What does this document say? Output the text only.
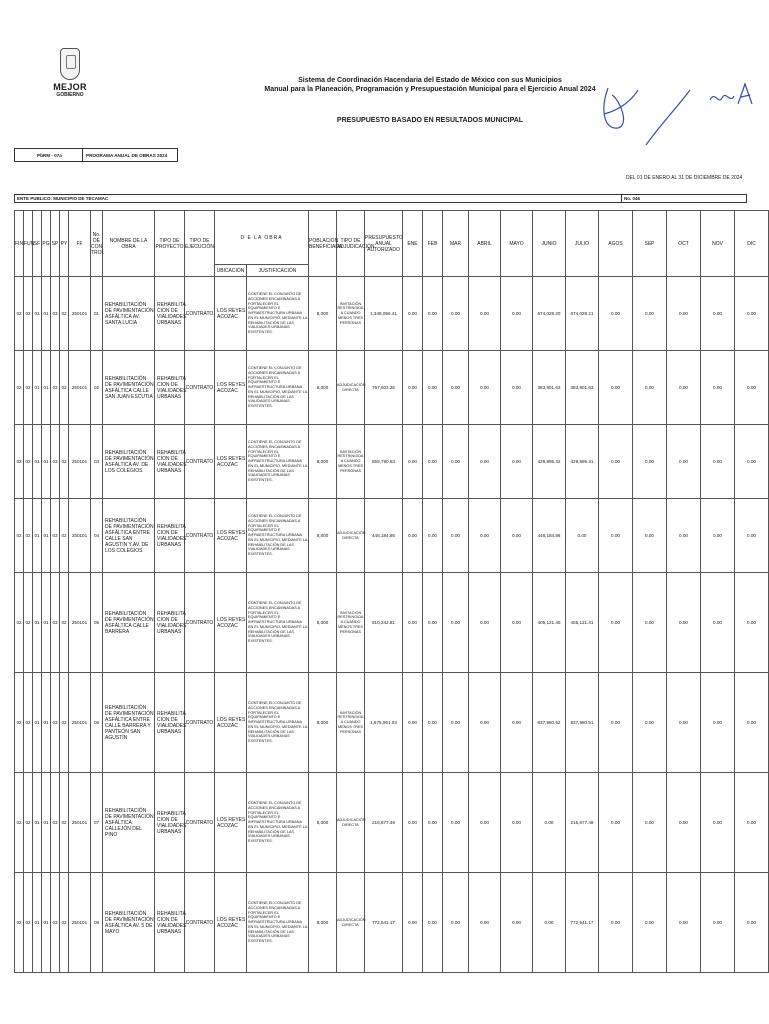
MEJOR
GOBIERNO
Sistema de Coordinación Hacendaria del Estado de México con sus Municipios
Manual para la Planeación, Programación y Presupuestación Municipal para el Ejercicio Anual 2024
PRESUPUESTO BASADO EN RESULTADOS MUNICIPAL
PbRM - 07a	PROGRAMA ANUAL DE OBRAS 2024
DEL 01 DE ENERO AL 31 DE DICIEMBRE DE 2024
ENTE PUBLICO: MUNICIPIO DE TECAMAC	No. 046
FIN	FUN	SF	PG	SP	PY	FF	No. DE CON TROL	NOMBRE DE LA OBRA	TIPO DE PROYECTO	TIPO DE EJECUCIÓN	D E LA OBRA		POBLACION BENEFICIADA	TIPO DE ADJUDICACIÓN	PRESUPUESTO ANUAL AUTORIZADO	ENE	FEB	MAR	ABRIL	MAYO	JUNIO	JULIO	AGOS	SEP	OCT	NOV	DIC
											UBICACIÓN	JUSTIFICACIÓN															
02	02	01	01	03	02	250101	01	REHABILITACIÓN DE PAVIMENTACIÓN ASFÁLTICA AV. SANTA LUCIA	REHABILITA CION DE VIALIDADES URBANAS	CONTRATO	LOS REYES ACOZAC	CONTIENE EL CONJUNTO DE ACCIONES ENCAMINADAS A FORTALECER EL EQUIPAMIENTO E INFRAESTRUCTURA URBANA EN EL MUNICIPIO, MEDIANTE LA REHABILITACIÓN DE LAS VIALIDADES URBANAS EXISTENTES.	8,000	INVITACIÓN RESTRINGIDA A CUANDO MENOS TRES PERSONAS	1,348,056.41	0.00	0.00	0.00	0.00	0.00	674,028.20	674,028.21	0.00	0.00	0.00	0.00	0.00
02	02	01	01	03	02	250101	02	REHABILITACIÓN DE PAVIMENTACIÓN ASFÁLTICA CALLE SAN JUAN ESCUTIA	REHABILITA CION DE VIALIDADES URBANAS	CONTRATO	LOS REYES ACOZAC	CONTIENE EL CONJUNTO DE ACCIONES ENCAMINADAS A FORTALECER EL EQUIPAMIENTO E INFRAESTRUCTURA URBANA EN EL MUNICIPIO, MEDIANTE LA REHABILITACIÓN DE LAS VIALIDADES URBANAS EXISTENTES.	8,000	ADJUDICACIÓN DIRECTA	767,603.26	0.00	0.00	0.00	0.00	0.00	383,801.63	383,801.63	0.00	0.00	0.00	0.00	0.00
02	02	01	01	03	02	250101	03	REHABILITACIÓN DE PAVIMENTACIÓN ASFÁLTICA AV. DE LOS COLEGIOS	REHABILITA CION DE VIALIDADES URBANAS	CONTRATO	LOS REYES ACOZAC	CONTIENE EL CONJUNTO DE ACCIONES ENCAMINADAS A FORTALECER EL EQUIPAMIENTO E INFRAESTRUCTURA URBANA EN EL MUNICIPIO, MEDIANTE LA REHABILITACIÓN DE LAS VIALIDADES URBANAS EXISTENTES.	8,000	INVITACIÓN RESTRINGIDA A CUANDO MENOS TRES PERSONAS	859,790.63	0.00	0.00	0.00	0.00	0.00	429,895.32	429,895.31	0.00	0.00	0.00	0.00	0.00
02	02	01	01	03	02	250101	04	REHABILITACIÓN DE PAVIMENTACIÓN ASFÁLTICA ENTRE CALLE SAN AGUSTÍN Y AV. DE LOS COLEGIOS	REHABILITA CION DE VIALIDADES URBANAS	CONTRATO	LOS REYES ACOZAC	CONTIENE EL CONJUNTO DE ACCIONES ENCAMINADAS A FORTALECER EL EQUIPAMIENTO E INFRAESTRUCTURA URBANA EN EL MUNICIPIO, MEDIANTE LA REHABILITACIÓN DE LAS VIALIDADES URBANAS EXISTENTES.	8,000	ADJUDICACIÓN DIRECTA	448,184.86	0.00	0.00	0.00	0.00	0.00	448,184.86	0.00	0.00	0.00	0.00	0.00	0.00
02	02	01	01	03	02	250101	05	REHABILITACIÓN DE PAVIMENTACIÓN ASFÁLTICA CALLE BARRERA	REHABILITA CION DE VIALIDADES URBANAS	CONTRATO	LOS REYES ACOZAC	CONTIENE EL CONJUNTO DE ACCIONES ENCAMINADAS A FORTALECER EL EQUIPAMIENTO E INFRAESTRUCTURA URBANA EN EL MUNICIPIO, MEDIANTE LA REHABILITACIÓN DE LAS VIALIDADES URBANAS EXISTENTES.	8,000	INVITACIÓN RESTRINGIDA A CUANDO MENOS TRES PERSONAS	810,242.81	0.00	0.00	0.00	0.00	0.00	405,121.40	405,121.41	0.00	0.00	0.00	0.00	0.00
02	02	01	01	03	02	250101	06	REHABILITACIÓN DE PAVIMENTACIÓN ASFÁLTICA ENTRE CALLE BARRERA Y PANTEÓN SAN AGUSTÍN	REHABILITA CION DE VIALIDADES URBANAS	CONTRATO	LOS REYES ACOZAC	CONTIENE EL CONJUNTO DE ACCIONES ENCAMINADAS A FORTALECER EL EQUIPAMIENTO E INFRAESTRUCTURA URBANA EN EL MUNICIPIO, MEDIANTE LA REHABILITACIÓN DE LAS VIALIDADES URBANAS EXISTENTES.	8,000	INVITACIÓN RESTRINGIDA A CUANDO MENOS TRES PERSONAS	1,675,961.03	0.00	0.00	0.00	0.00	0.00	837,980.52	837,980.51	0.00	0.00	0.00	0.00	0.00
02	02	01	01	03	02	250101	07	REHABILITACIÓN DE PAVIMENTACIÓN ASFÁLTICA CALLEJÓN DEL PINO	REHABILITA CION DE VIALIDADES URBANAS	CONTRATO	LOS REYES ACOZAC	CONTIENE EL CONJUNTO DE ACCIONES ENCAMINADAS A FORTALECER EL EQUIPAMIENTO E INFRAESTRUCTURA URBANA EN EL MUNICIPIO, MEDIANTE LA REHABILITACIÓN DE LAS VIALIDADES URBANAS EXISTENTES.	8,000	ADJUDICACIÓN DIRECTA	216,677.49	0.00	0.00	0.00	0.00	0.00	0.00	216,677.49	0.00	0.00	0.00	0.00	0.00
02	02	01	01	03	02	250101	08	REHABILITACIÓN DE PAVIMENTACIÓN ASFÁLTICA AV. 5 DE MAYO	REHABILITA CION DE VIALIDADES URBANAS	CONTRATO	LOS REYES ACOZAC	CONTIENE EL CONJUNTO DE ACCIONES ENCAMINADAS A FORTALECER EL EQUIPAMIENTO E INFRAESTRUCTURA URBANA EN EL MUNICIPIO, MEDIANTE LA REHABILITACIÓN DE LAS VIALIDADES URBANAS EXISTENTES.	8,000	ADJUDICACIÓN DIRECTA	772,541.17	0.00	0.00	0.00	0.00	0.00	0.00	772,541.17	0.00	0.00	0.00	0.00	0.00
